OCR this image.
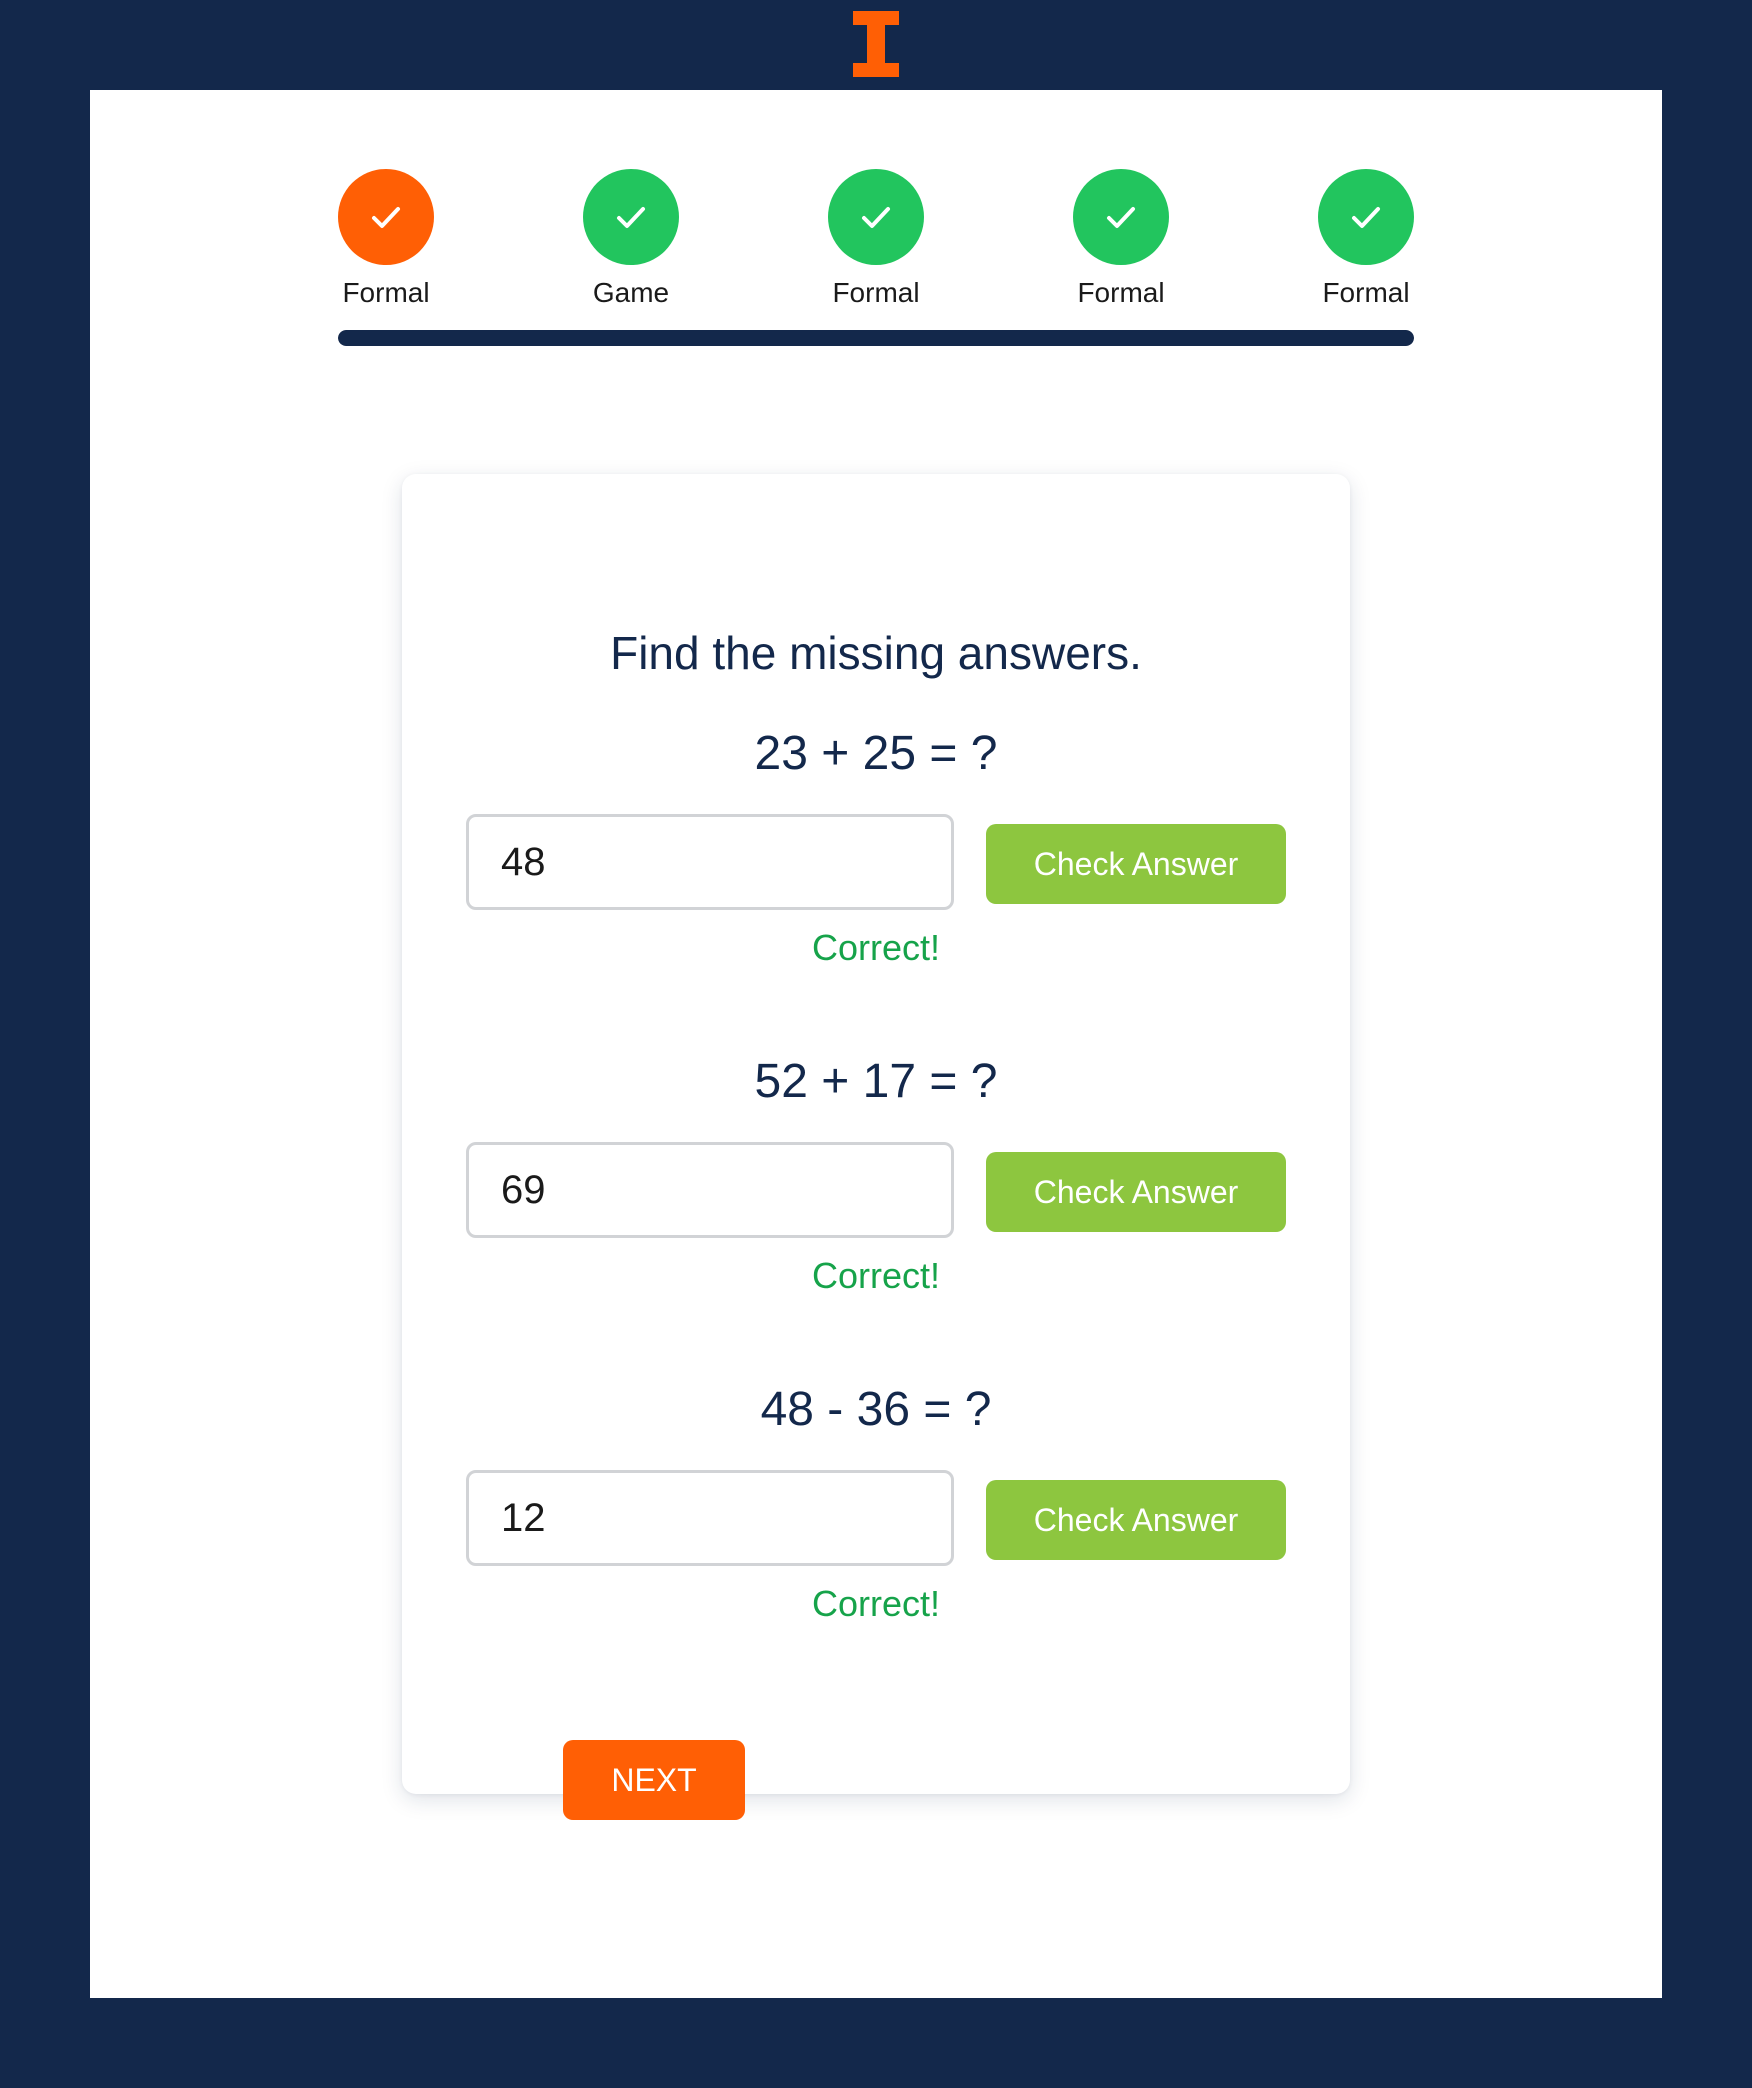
Formal	Game	Formal	Formal	Formal
Find the missing answers.
23 + 25 = ?
48
Check Answer
Correct!
52 + 17 = ?
69
Check Answer
Correct!
48 - 36 = ?
12
Check Answer
Correct!
NEXT
